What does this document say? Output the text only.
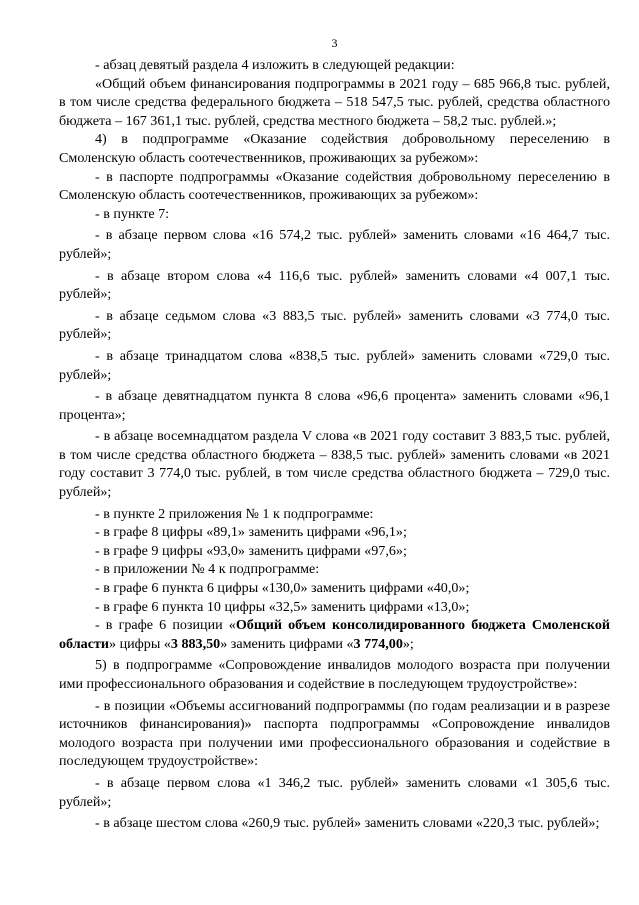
3

- абзац девятый раздела 4 изложить в следующей редакции:

«Общий объем финансирования подпрограммы в 2021 году – 685 966,8 тыс. рублей, в том числе средства федерального бюджета – 518 547,5 тыс. рублей, средства областного бюджета – 167 361,1 тыс. рублей, средства местного бюджета – 58,2 тыс. рублей.»;

4) в подпрограмме «Оказание содействия добровольному переселению в Смоленскую область соотечественников, проживающих за рубежом»:

- в паспорте подпрограммы «Оказание содействия добровольному переселению в Смоленскую область соотечественников, проживающих за рубежом»:

- в пункте 7:

- в абзаце первом слова «16 574,2 тыс. рублей» заменить словами «16 464,7 тыс. рублей»;

- в абзаце втором слова «4 116,6 тыс. рублей» заменить словами «4 007,1 тыс. рублей»;

- в абзаце седьмом слова «3 883,5 тыс. рублей» заменить словами «3 774,0 тыс. рублей»;

- в абзаце тринадцатом слова «838,5 тыс. рублей» заменить словами «729,0 тыс. рублей»;

- в абзаце девятнадцатом пункта 8 слова «96,6 процента» заменить словами «96,1 процента»;

- в абзаце восемнадцатом раздела V слова «в 2021 году составит 3 883,5 тыс. рублей, в том числе средства областного бюджета – 838,5 тыс. рублей» заменить словами «в 2021 году составит 3 774,0 тыс. рублей, в том числе средства областного бюджета – 729,0 тыс. рублей»;

- в пункте 2 приложения № 1 к подпрограмме:

- в графе 8 цифры «89,1» заменить цифрами «96,1»;

- в графе 9 цифры «93,0» заменить цифрами «97,6»;

- в приложении № 4 к подпрограмме:

- в графе 6 пункта 6 цифры «130,0» заменить цифрами «40,0»;

- в графе 6 пункта 10 цифры «32,5» заменить цифрами «13,0»;

- в графе 6 позиции «Общий объем консолидированного бюджета Смоленской области» цифры «3 883,50» заменить цифрами «3 774,00»;

5) в подпрограмме «Сопровождение инвалидов молодого возраста при получении ими профессионального образования и содействие в последующем трудоустройстве»:

- в позиции «Объемы ассигнований подпрограммы (по годам реализации и в разрезе источников финансирования)» паспорта подпрограммы «Сопровождение инвалидов молодого возраста при получении ими профессионального образования и содействие в последующем трудоустройстве»:

- в абзаце первом слова «1 346,2 тыс. рублей» заменить словами «1 305,6 тыс. рублей»;

- в абзаце шестом слова «260,9 тыс. рублей» заменить словами «220,3 тыс. рублей»;
